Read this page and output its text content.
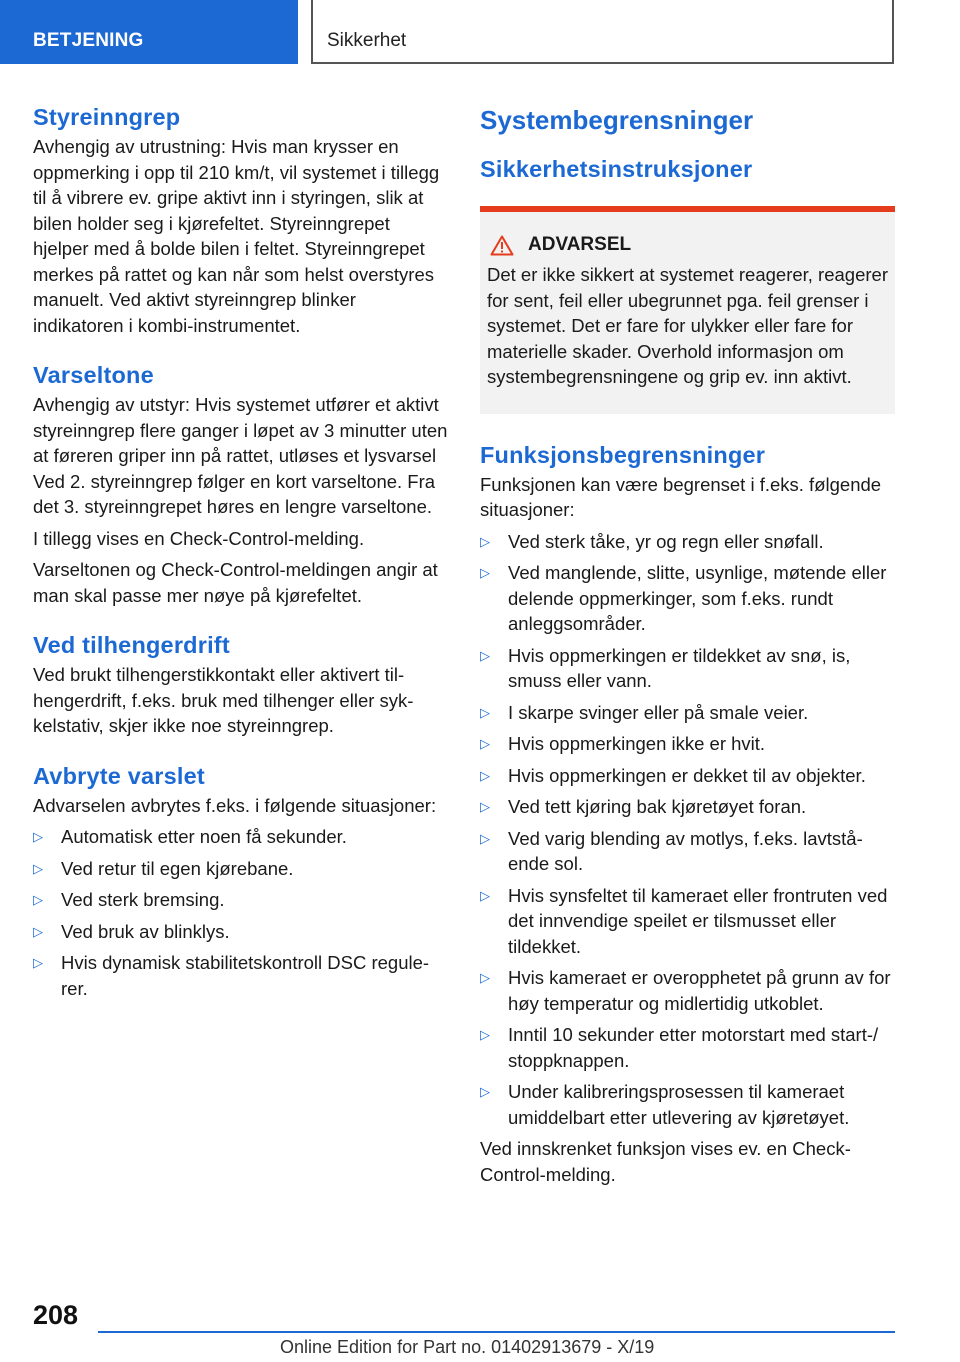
BETJENING	Sikkerhet
Styreinngrep

Avhengig av utrustning: Hvis man krysser en oppmerking i opp til 210 km/t, vil systemet i tillegg til å vibrere ev. gripe aktivt inn i styringen, slik at bilen holder seg i kjørefeltet. Styreinngrepet hjelper med å bolde bilen i feltet. Styreinngrepet merkes på rattet og kan når som helst overstyres manuelt. Ved aktivt styreinngrep blinker indikatoren i kombi-instrumentet.

Varseltone

Avhengig av utstyr: Hvis systemet utfører et aktivt styreinngrep flere ganger i løpet av 3 minutter uten at føreren griper inn på rattet, utløses et lysvarsel Ved 2. styreinngrep følger en kort varseltone. Fra det 3. styreinngrepet høres en lengre varseltone.

I tillegg vises en Check-Control-melding.

Varseltonen og Check-Control-meldingen angir at man skal passe mer nøye på kjørefeltet.

Ved tilhengerdrift

Ved brukt tilhengerstikkontakt eller aktivert tilhengerdrift, f.eks. bruk med tilhenger eller sykkelstativ, skjer ikke noe styreinngrep.

Avbryte varslet

Advarselen avbrytes f.eks. i følgende situasjoner:

▷ Automatisk etter noen få sekunder.
▷ Ved retur til egen kjørebane.
▷ Ved sterk bremsing.
▷ Ved bruk av blinklys.
▷ Hvis dynamisk stabilitetskontroll DSC regulerer.
Systembegrensninger
Sikkerhetsinstruksjoner
ADVARSEL

Det er ikke sikkert at systemet reagerer, reagerer for sent, feil eller ubegrunnet pga. feil grenser i systemet. Det er fare for ulykker eller fare for materielle skader. Overhold informasjon om systembegrensningene og grip ev. inn aktivt.

Funksjonsbegrensninger

Funksjonen kan være begrenset i f.eks. følgende situasjoner:

▷ Ved sterk tåke, yr og regn eller snøfall.
▷ Ved manglende, slitte, usynlige, møtende eller delende oppmerkinger, som f.eks. rundt anleggsområder.
▷ Hvis oppmerkingen er tildekket av snø, is, smuss eller vann.
▷ I skarpe svinger eller på smale veier.
▷ Hvis oppmerkingen ikke er hvit.
▷ Hvis oppmerkingen er dekket til av objekter.
▷ Ved tett kjøring bak kjøretøyet foran.
▷ Ved varig blending av motlys, f.eks. lavtstående sol.
▷ Hvis synsfeltet til kameraet eller frontruten ved det innvendige speilet er tilsmusset eller tildekket.
▷ Hvis kameraet er overopphetet på grunn av for høy temperatur og midlertidig utkoblet.
▷ Inntil 10 sekunder etter motorstart med start-/ stoppknappen.
▷ Under kalibreringsprosessen til kameraet umiddelbart etter utlevering av kjøretøyet.

Ved innskrenket funksjon vises ev. en Check-Control-melding.

208
Online Edition for Part no. 01402913679 - X/19
